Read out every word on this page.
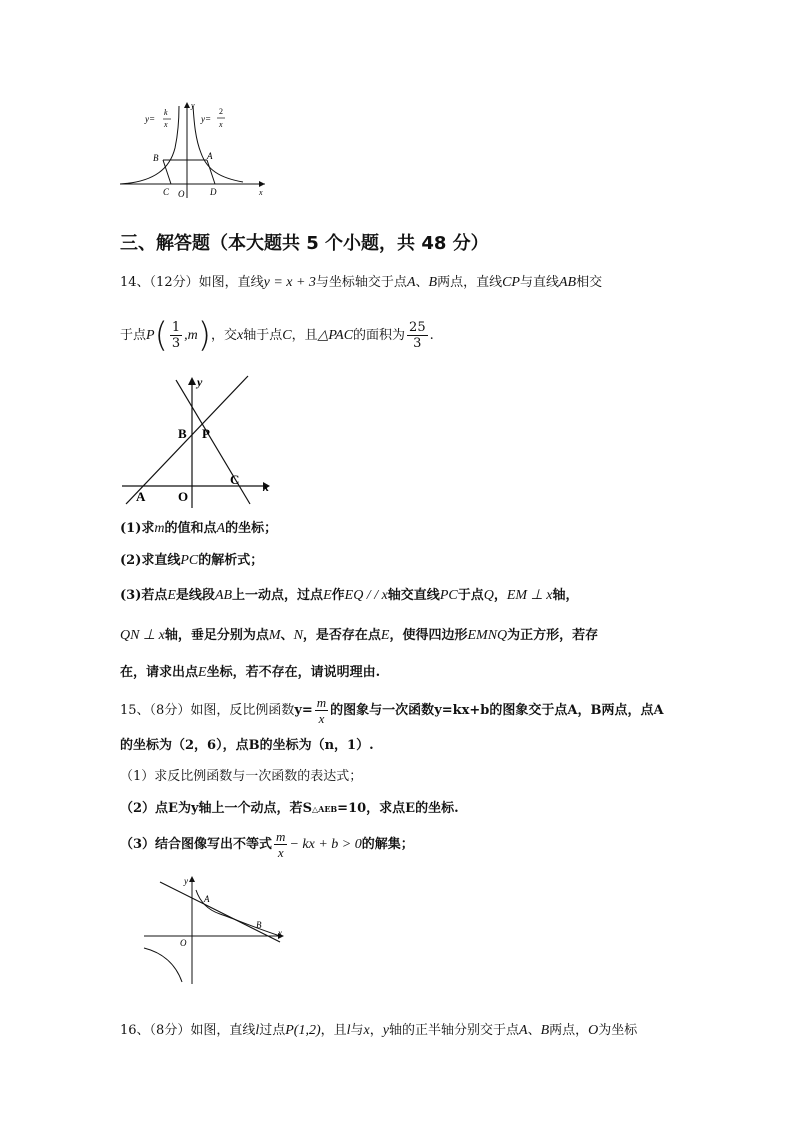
y=
k
x
y=
2
x
y
x
B	A
C O	D
三、解答题（本大题共 5 个小题，共 48 分）
14、（12分）如图，直线y = x + 3与坐标轴交于点A、B两点，直线CP与直线AB相交
于点$P( \frac{1}{3} ,m)$，交x轴于点C，且△PAC的面积为 $\frac{25}{3}$ .
y
x
B P
C
A	O
(1)求m的值和点A的坐标；
(2)求直线PC的解析式；
(3)若点E是线段AB上一动点，过点E作EQ / / x轴交直线PC于点Q，EM ⊥ x轴，
QN ⊥ x轴，垂足分别为点M、N，是否存在点E，使得四边形EMNQ为正方形，若存
在，请求出点E坐标，若不存在，请说明理由.
15、（8分）如图，反比例函数$y= \frac{m}{x}$ 的图象与一次函数y=kx+b的图象交于点A，B两点，点A
的坐标为（2，6），点B的坐标为（n，1）.
（1）求反比例函数与一次函数的表达式；
（2）点E为y轴上一个动点，若S△AEB=10，求点E的坐标.
（3）结合图像写出不等式 $\frac{m}{x}$ − kx + b > 0的解集；
y
x
A
B
O
16、（8分）如图，直线l过点P(1,2)，且l与x，y轴的正半轴分别交于点A、B两点，O为坐标
